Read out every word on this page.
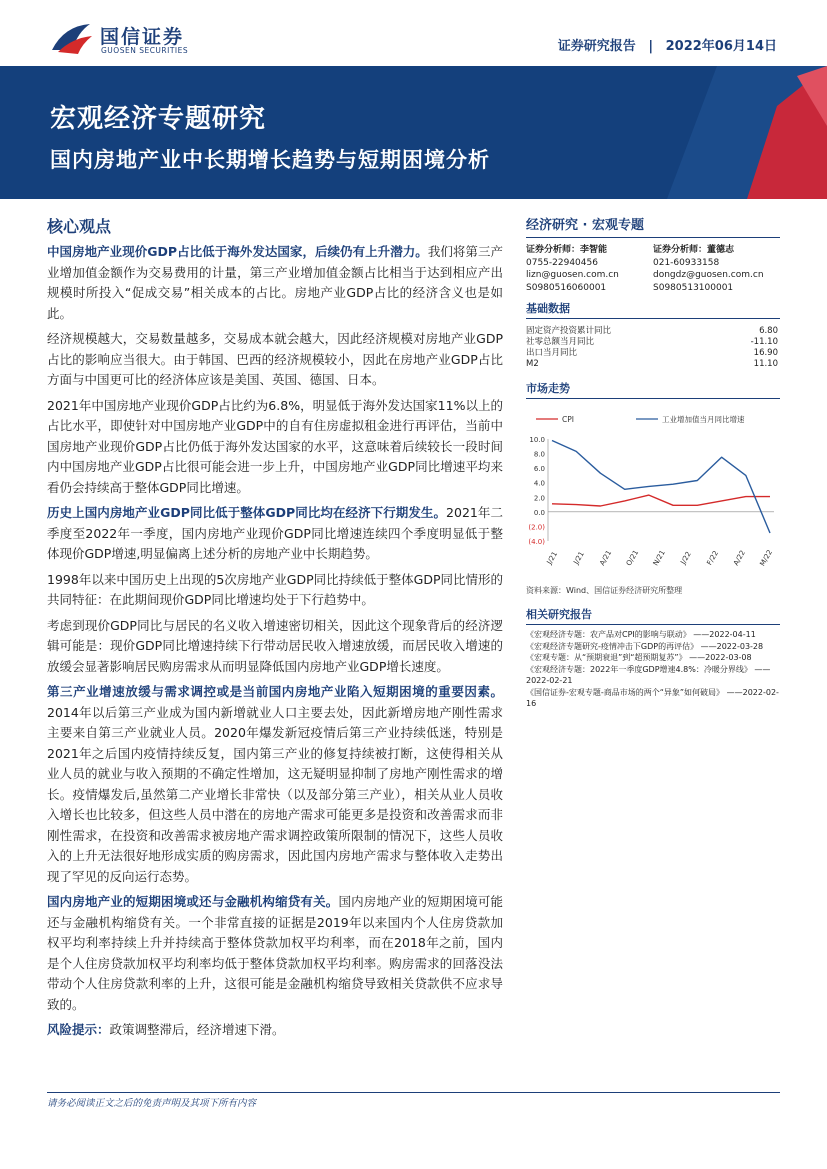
国信证券
GUOSEN SECURITIES	证券研究报告 | 2022年06月14日
宏观经济专题研究
国内房地产业中长期增长趋势与短期困境分析
核心观点
中国房地产业现价GDP占比低于海外发达国家，后续仍有上升潜力。我们将第三产业增加值金额作为交易费用的计量，第三产业增加值金额占比相当于达到相应产出规模时所投入“促成交易”相关成本的占比。房地产业GDP占比的经济含义也是如此。
经济规模越大，交易数量越多，交易成本就会越大，因此经济规模对房地产业GDP占比的影响应当很大。由于韩国、巴西的经济规模较小，因此在房地产业GDP占比方面与中国更可比的经济体应该是美国、英国、德国、日本。
2021年中国房地产业现价GDP占比约为6.8%，明显低于海外发达国家11%以上的占比水平，即使针对中国房地产业GDP中的自有住房虚拟租金进行再评估，当前中国房地产业现价GDP占比仍低于海外发达国家的水平，这意味着后续较长一段时间内中国房地产业GDP占比很可能会进一步上升，中国房地产业GDP同比增速平均来看仍会持续高于整体GDP同比增速。
历史上国内房地产业GDP同比低于整体GDP同比均在经济下行期发生。2021年二季度至2022年一季度，国内房地产业现价GDP同比增速连续四个季度明显低于整体现价GDP增速,明显偏离上述分析的房地产业中长期趋势。
1998年以来中国历史上出现的5次房地产业GDP同比持续低于整体GDP同比情形的共同特征：在此期间现价GDP同比增速均处于下行趋势中。
考虑到现价GDP同比与居民的名义收入增速密切相关，因此这个现象背后的经济逻辑可能是：现价GDP同比增速持续下行带动居民收入增速放缓，而居民收入增速的放缓会显著影响居民购房需求从而明显降低国内房地产业GDP增长速度。
第三产业增速放缓与需求调控或是当前国内房地产业陷入短期困境的重要因素。2014年以后第三产业成为国内新增就业人口主要去处，因此新增房地产刚性需求主要来自第三产业就业人员。2020年爆发新冠疫情后第三产业持续低迷，特别是2021年之后国内疫情持续反复，国内第三产业的修复持续被打断，这使得相关从业人员的就业与收入预期的不确定性增加，这无疑明显抑制了房地产刚性需求的增长。疫情爆发后,虽然第二产业增长非常快（以及部分第三产业），相关从业人员收入增长也比较多，但这些人员中潜在的房地产需求可能更多是投资和改善需求而非刚性需求，在投资和改善需求被房地产需求调控政策所限制的情况下，这些人员收入的上升无法很好地形成实质的购房需求，因此国内房地产需求与整体收入走势出现了罕见的反向运行态势。
国内房地产业的短期困境或还与金融机构缩贷有关。国内房地产业的短期困境可能还与金融机构缩贷有关。一个非常直接的证据是2019年以来国内个人住房贷款加权平均利率持续上升并持续高于整体贷款加权平均利率，而在2018年之前，国内是个人住房贷款加权平均利率均低于整体贷款加权平均利率。购房需求的回落没法带动个人住房贷款利率的上升，这很可能是金融机构缩贷导致相关贷款供不应求导致的。
风险提示：政策调整滞后，经济增速下滑。
经济研究 · 宏观专题
证券分析师：李智能
0755-22940456
lizn@guosen.com.cn
S0980516060001
证券分析师：董德志
021-60933158
dongdz@guosen.com.cn
S0980513100001
基础数据
固定资产投资累计同比	6.80
社零总额当月同比	-11.10
出口当月同比	16.90
M2	11.10
市场走势
CPI	工业增加值当月同比增速
10.0
8.0
6.0
4.0
2.0
0.0
(2.0)
(4.0)
J/21 J/21 A/21 O/21 N/21 J/22 F/22 A/22 M/22
资料来源：Wind、国信证券经济研究所整理
相关研究报告
《宏观经济专题：农产品对CPI的影响与联动》 ——2022-04-11
《宏观经济专题研究-疫情冲击下GDP的再评估》 ——2022-03-28
《宏观专题：从“预期衰退”到“超预期复苏”》 ——2022-03-08
《宏观经济专题：2022年一季度GDP增速4.8%：冷暖分界线》 ——2022-02-21
《国信证券-宏观专题-商品市场的两个“异象”如何破局》 ——2022-02-16
请务必阅读正文之后的免责声明及其项下所有内容
